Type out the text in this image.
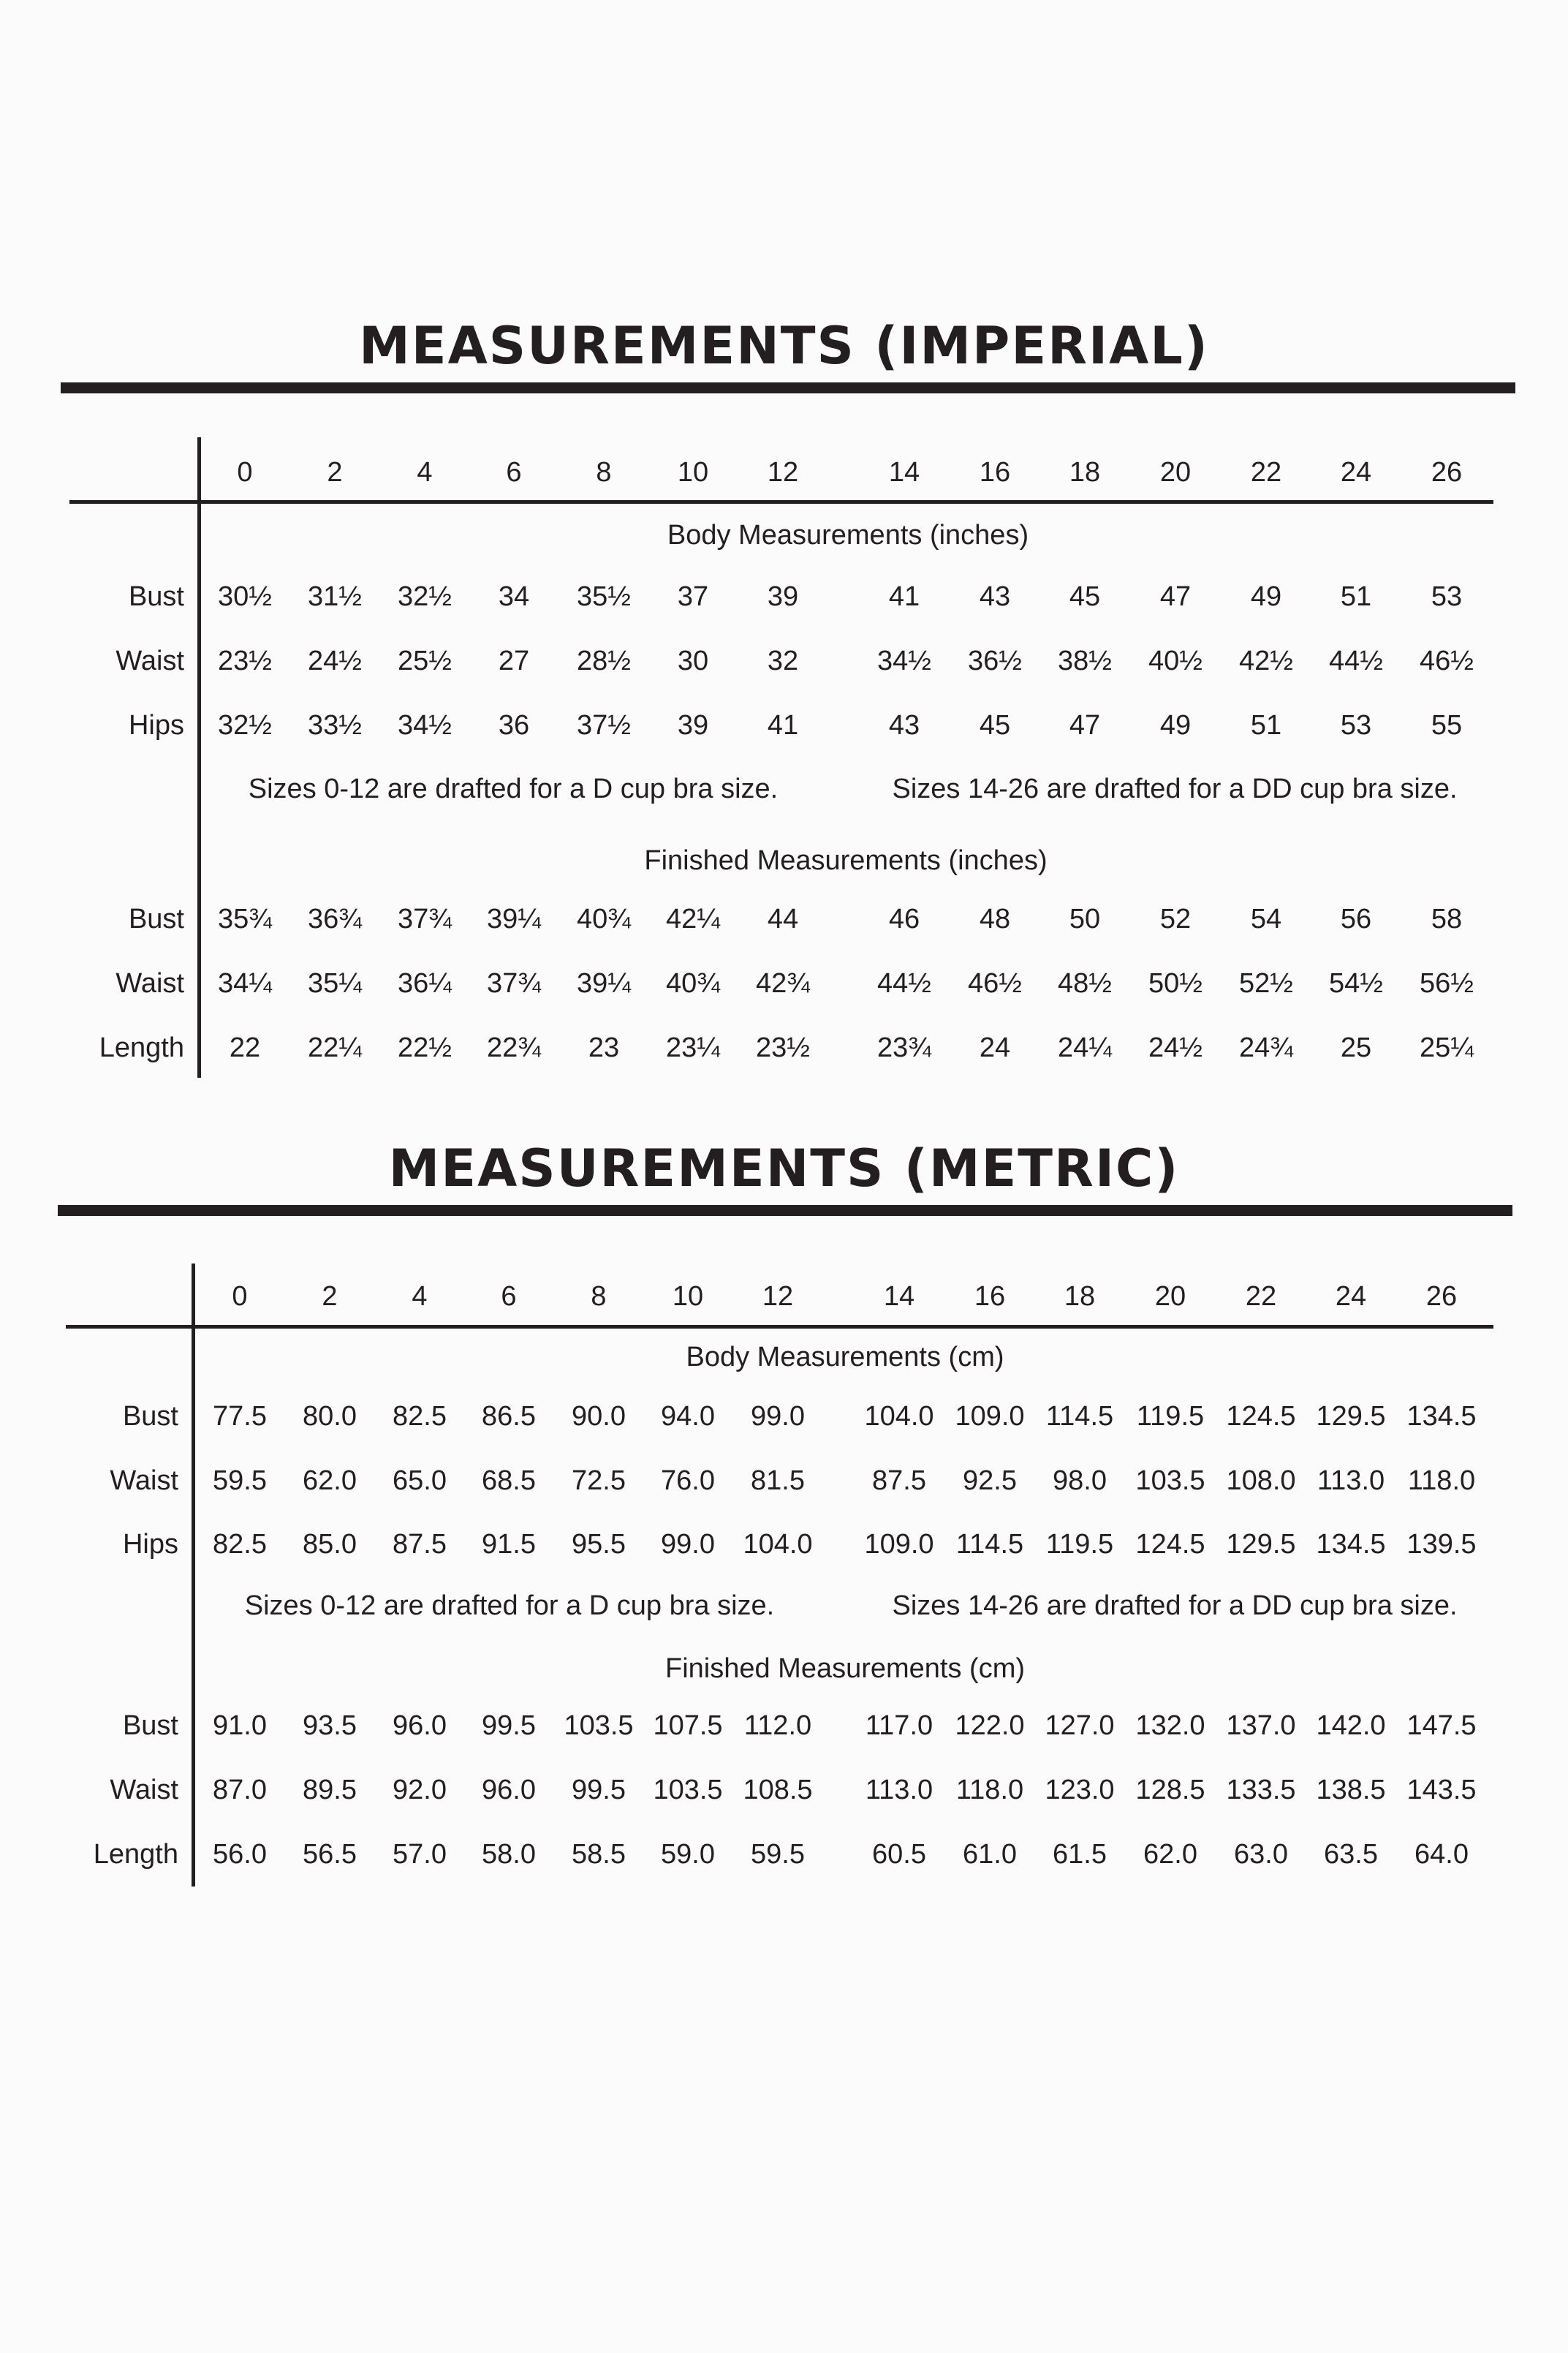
MEASUREMENTS (IMPERIAL)
0	2	4	6	8	10	12	14	16	18	20	22	24	26
Body Measurements (inches)
Bust	30½	31½	32½	34	35½	37	39	41	43	45	47	49	51	53
Waist	23½	24½	25½	27	28½	30	32	34½	36½	38½	40½	42½	44½	46½
Hips	32½	33½	34½	36	37½	39	41	43	45	47	49	51	53	55
Sizes 0-12 are drafted for a D cup bra size.	Sizes 14-26 are drafted for a DD cup bra size.
Finished Measurements (inches)
Bust	35¾	36¾	37¾	39¼	40¾	42¼	44	46	48	50	52	54	56	58
Waist	34¼	35¼	36¼	37¾	39¼	40¾	42¾	44½	46½	48½	50½	52½	54½	56½
Length	22	22¼	22½	22¾	23	23¼	23½	23¾	24	24¼	24½	24¾	25	25¼
MEASUREMENTS (METRIC)
0	2	4	6	8	10	12	14	16	18	20	22	24	26
Body Measurements (cm)
Bust	77.5	80.0	82.5	86.5	90.0	94.0	99.0	104.0 109.0 114.5 119.5 124.5 129.5 134.5
Waist	59.5	62.0	65.0	68.5	72.5	76.0	81.5	87.5	92.5	98.0	103.5 108.0 113.0 118.0
Hips	82.5	85.0	87.5	91.5	95.5	99.0	104.0	109.0 114.5 119.5 124.5 129.5 134.5 139.5
Sizes 0-12 are drafted for a D cup bra size.	Sizes 14-26 are drafted for a DD cup bra size.
Finished Measurements (cm)
Bust	91.0	93.5	96.0	99.5	103.5 107.5 112.0	117.0 122.0 127.0 132.0 137.0 142.0 147.5
Waist	87.0	89.5	92.0	96.0	99.5 103.5 108.5	113.0 118.0 123.0 128.5 133.5 138.5 143.5
Length	56.0	56.5	57.0	58.0	58.5	59.0	59.5	60.5	61.0	61.5	62.0	63.0	63.5	64.0
